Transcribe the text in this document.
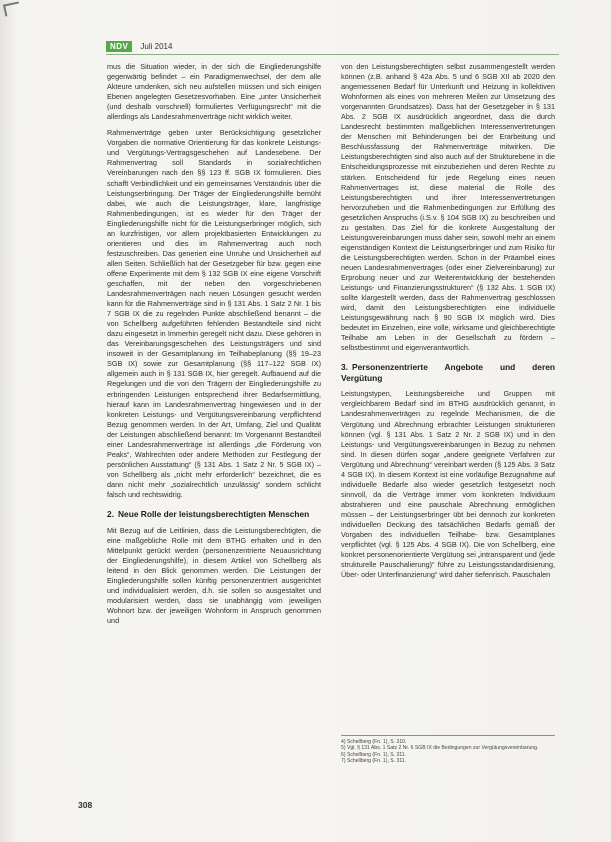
NDV	Juli 2014

mus die Situation wieder, in der sich die Eingliederungshilfe gegenwärtig befindet – ein Paradigmenwechsel, der dem alle Akteure umdenken, sich neu aufstellen müssen und sich einigen Ebenen angelegten Gesetzesvorhaben. Eine „unter Unsicherheit (und deshalb vorschnell) formuliertes Verfügungsrecht“ mit die allerdings als Landesrahmenverträge nicht wirklich weiter.

Rahmenverträge geben unter Berücksichtigung gesetzlicher Vorgaben die normative Orientierung für das konkrete Leistungs- und Vergütungs-Vertragsgeschehen auf Landesebene. Der Rahmenvertrag soll Standards in sozialrechtlichen Vereinbarungen nach den §§ 123 ff. SGB IX formulieren. Dies schafft Verbindlichkeit und ein gemeinsames Verständnis über die Leistungserbringung. Der Träger der Eingliederungshilfe bemüht dabei, wie auch die Leistungsträger, klare, langfristige Rahmenbedingungen, ist es wieder für den Träger der Eingliederungshilfe nicht für die Leistungserbringer möglich, sich an kurzfristigen, vor allem projektbasierten Entwicklungen zu orientieren und dies im Rahmenvertrag auch noch festzuschreiben. Das generiert eine Unruhe und Unsicherheit auf allen Seiten. Schließlich hat der Gesetzgeber für bzw. gegen eine offene Experimente mit dem § 132 SGB IX eine eigene Vorschrift geschaffen, mit der neben den vorgeschriebenen Landesrahmenverträgen nach neuen Lösungen gesucht werden kann für die Rahmenverträge sind in § 131 Abs. 1 Satz 2 Nr. 1 bis 7 SGB IX die zu regelnden Punkte abschließend benannt – die von Schellberg aufgeführten fehlenden Bestandteile sind nicht dazu eingesetzt in Immerhin geregelt nicht dazu. Diese gehören in das Vereinbarungsgeschehen des Leistungsträgers und sind insoweit in der Gesamtplanung im Teilhabeplanung (§§ 19–23 SGB IX) sowie zur Gesamtplanung (§§ 117–122 SGB IX) allgemein auch in § 131 SGB IX, hier geregelt. Aufbauend auf die Regelungen und die von den Trägern der Eingliederungshilfe zu erbringenden Leistungen entsprechend ihrer Bedarfsermittlung, hierauf kann im Landesrahmenvertrag hingewiesen und in der konkreten Leistungs- und Vergütungsvereinbarung verpflichtend Bezug genommen werden. In der Art, Umfang, Ziel und Qualität der Leistungen abschließend benannt: Im Vorgenannt Bestandteil einer Landesrahmenverträge ist allerdings „die Förderung von Peaks“, Wahlrechten oder andere Methoden zur Festlegung der persönlichen Ausstattung“ (§ 131 Abs. 1 Satz 2 Nr. 5 SGB IX) – von Schellberg als „nicht mehr erforderlich“ bezeichnet, die es dann nicht mehr „sozialrechtlich unzulässig“ sondern schlicht falsch und rechtswidrig.

2. Neue Rolle der leistungsberechtigten Menschen

Mit Bezug auf die Leitlinien, dass die Leistungsberechtigten, die eine maßgebliche Rolle mit dem BTHG erhalten und in den Mittelpunkt gerückt werden (personenzentrierte Neuausrichtung der Eingliederungshilfe), in diesem Artikel von Schellberg als leitend in den Blick genommen werden. Die Leistungen der Eingliederungshilfe sollen künftig personenzentriert ausgerichtet und individualisiert werden, d.h. sie sollen so ausgestaltet und modularisiert werden, dass sie unabhängig vom jeweiligen Wohnort bzw. der jeweiligen Wohnform in Anspruch genommen und

von den Leistungsberechtigten selbst zusammengestellt werden können (z.B. anhand § 42a Abs. 5 und 6 SGB XII ab 2020 den angemessenen Bedarf für Unterkunft und Heizung in kollektiven Wohnformen als eines von mehreren Meilen zur Umsetzung des vorgenannten Grundsatzes). Dass hat der Gesetzgeber in § 131 Abs. 2 SGB IX ausdrücklich angeordnet, dass die durch Landesrecht bestimmten maßgeblichen Interessenvertretungen der Menschen mit Behinderungen bei der Erarbeitung und Beschlussfassung der Rahmenverträge mitwirken. Die Leistungsberechtigten sind also auch auf der Strukturebene in die Entscheidungsprozesse mit einzubeziehen und deren Rechte zu stärken. Entscheidend für jede Regelung eines neuen Rahmenvertrages ist, diese material die Rolle des Leistungsberechtigten und ihrer Interessenvertretungen hervorzuheben und die Rahmenbedingungen zur Erfüllung des gesetzlichen Anspruchs (i.S.v. § 104 SGB IX) zu beschreiben und zu gestalten. Das Ziel für die konkrete Ausgestaltung der Leistungsvereinbarungen muss daher sein, sowohl mehr an einem eigenständigen Kontext die Leistungserbringer und zum Risiko für die Leistungsberechtigten werden. Schon in der Präambel eines neuen Landesrahmenvertrages (oder einer Zielvereinbarung) zur Erprobung neuer und zur Weiterentwicklung der bestehenden Leistungs- und Finanzierungsstrukturen“ (§ 132 Abs. 1 SGB IX) sollte klargestellt werden, dass der Rahmenvertrag geschlossen wird, damit den Leistungsberechtigten eine individuelle Leistungsgewährung nach § 90 SGB IX möglich wird. Dies bedeutet im Einzelnen, eine volle, wirksame und gleichberechtigte Teilhabe am Leben in der Gesellschaft zu fördern – selbstbestimmt und eigenverantwortlich.

3. Personenzentrierte Angebote und deren Vergütung

Leistungstypen, Leistungsbereiche und Gruppen mit vergleichbarem Bedarf sind im BTHG ausdrücklich genannt, in Landesrahmenverträgen zu regelnde Mechanismen, die die Vergütung und Abrechnung erbrachter Leistungen strukturieren können (vgl. § 131 Abs. 1 Satz 2 Nr. 2 SGB IX) und in den Leistungs- und Vergütungsvereinbarungen in Bezug zu nehmen sind. In diesen dürfen sogar „andere geeignete Verfahren zur Vergütung und Abrechnung“ vereinbart werden (§ 125 Abs. 3 Satz 4 SGB IX). In diesem Kontext ist eine vorläufige Bezugnahme auf individuelle Bedarfe also wieder gesetzlich festgesetzt noch sinnvoll, da die Verträge immer vom konkreten Individuum abstrahieren und eine pauschale Abrechnung ermöglichen müssen – der Leistungserbringer übt bei dennoch zur konkreten individuellen Deckung des tatsächlichen Bedarfs gemäß der Vorgaben des individuellen Teilhabe- bzw. Gesamtplanes verpflichtet (vgl. § 125 Abs. 4 SGB IX). Die von Schellberg, eine konkret personenorientierte Vergütung sei „intransparent und (jede strukturelle Pauschalierung)“ führe zu Leistungsstandardisierung, Über- oder Unterfinanzierung“ wird daher tiefenrisch. Pauschalen

4) Schellberg (Fn. 1), S. 310.

5) Vgl. § 131 Abs. 1 Satz 2 Nr. 6 SGB IX die Bedingungen zur Vergütungsvereinbarung.

6) Schellberg (Fn. 1), S. 311.

7) Schellberg (Fn. 1), S. 311.

308
